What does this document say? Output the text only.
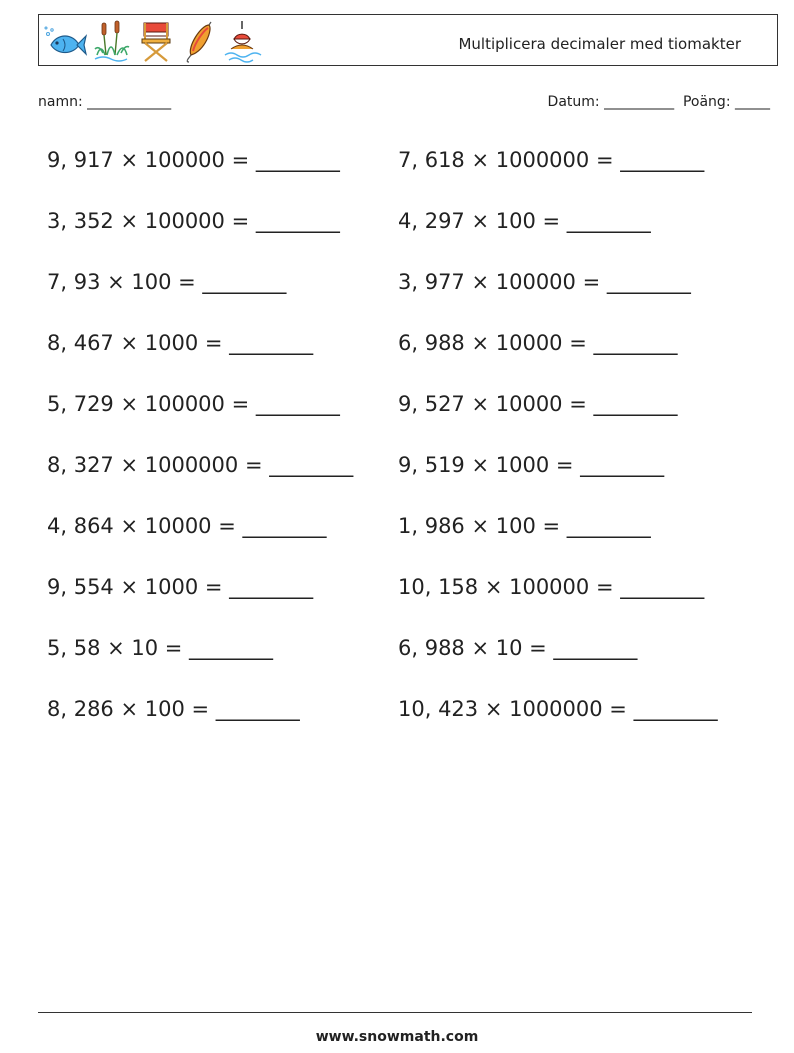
Multiplicera decimaler med tiomakter
namn: ____________	Datum: __________  Poäng: _____
9, 917 × 100000 = ________
3, 352 × 100000 = ________
7, 93 × 100 = ________
8, 467 × 1000 = ________
5, 729 × 100000 = ________
8, 327 × 1000000 = ________
4, 864 × 10000 = ________
9, 554 × 1000 = ________
5, 58 × 10 = ________
8, 286 × 100 = ________
7, 618 × 1000000 = ________
4, 297 × 100 = ________
3, 977 × 100000 = ________
6, 988 × 10000 = ________
9, 527 × 10000 = ________
9, 519 × 1000 = ________
1, 986 × 100 = ________
10, 158 × 100000 = ________
6, 988 × 10 = ________
10, 423 × 1000000 = ________
www.snowmath.com
